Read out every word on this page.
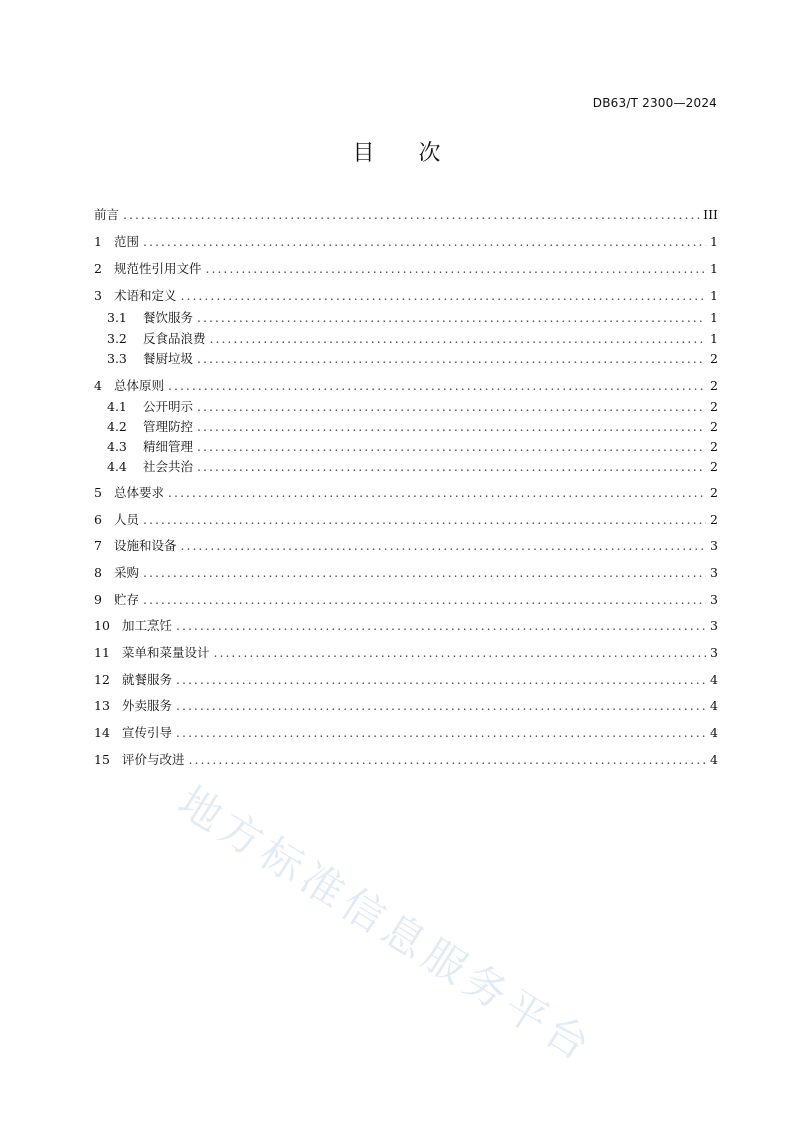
DB63/T 2300—2024
目　　次
前言 .....	III
1 范围 .....	1
2 规范性引用文件 .....	1
3 术语和定义 .....	1
3.1	餐饮服务 .....	1
3.2	反食品浪费 .....	1
3.3	餐厨垃圾 .....	2
4 总体原则 .....	2
4.1	公开明示 .....	2
4.2	管理防控 .....	2
4.3	精细管理 .....	2
4.4	社会共治 .....	2
5 总体要求 .....	2
6 人员 .....	2
7 设施和设备 .....	3
8 采购 .....	3
9 贮存 .....	3
10 加工烹饪 .....	3
11 菜单和菜量设计 .....	3
12 就餐服务 .....	4
13 外卖服务 .....	4
14 宣传引导 .....	4
15 评价与改进 .....	4
地方标准信息服务平台
